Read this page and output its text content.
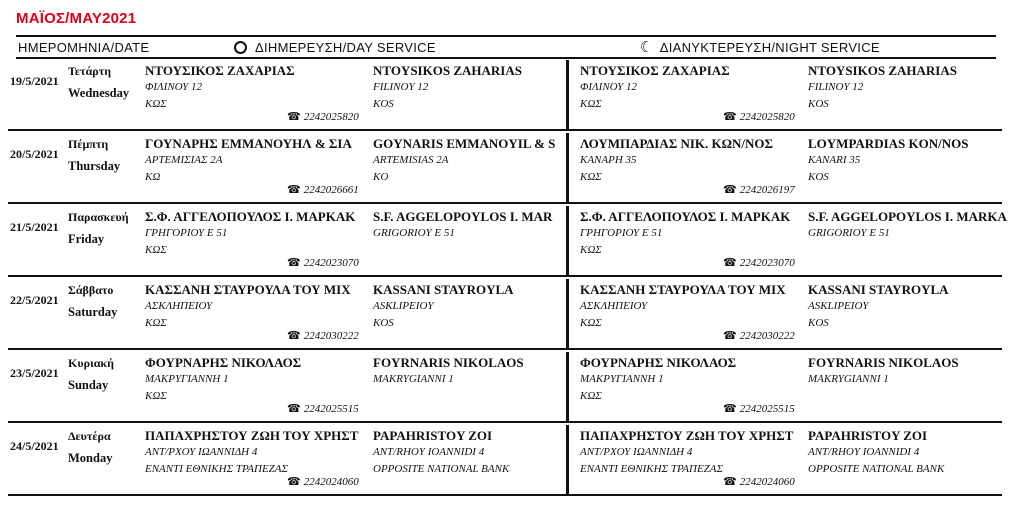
ΜΑΪΟΣ/MAY2021
ΗΜΕΡΟΜΗΝΙΑ/DATE	ΔΙΗΜΕΡΕΥΣΗ/DAY SERVICE	☾ ΔΙΑΝΥΚΤΕΡΕΥΣΗ/NIGHT SERVICE
19/5/2021
Τετάρτη
Wednesday
ΝΤΟΥΣΙΚΟΣ ΖΑΧΑΡΙΑΣ
ΦΙΛΙΝΟΥ 12
ΚΩΣ
NTOYSIKOS ZAHARIAS
FILINOY 12
KOS
☎ 2242025820
ΝΤΟΥΣΙΚΟΣ ΖΑΧΑΡΙΑΣ
ΦΙΛΙΝΟΥ 12
ΚΩΣ
NTOYSIKOS ZAHARIAS
FILINOY 12
KOS
☎ 2242025820
20/5/2021
Πέμπτη
Thursday
ΓΟΥΝΑΡΗΣ ΕΜΜΑΝΟΥΗΛ & ΣΙΑ
ΑΡΤΕΜΙΣΙΑΣ 2Α
ΚΩ
GOYNARIS EMMANOYIL & S
ARTEMISIAS 2A
KO
☎ 2242026661
ΛΟΥΜΠΑΡΔΙΑΣ ΝΙΚ. ΚΩΝ/ΝΟΣ
ΚΑΝΑΡΗ 35
ΚΩΣ
LOYMPARDIAS KON/NOS
KANARI 35
KOS
☎ 2242026197
21/5/2021
Παρασκευή
Friday
Σ.Φ. ΑΓΓΕΛΟΠΟΥΛΟΣ Ι. ΜΑΡΚΑΚ
ΓΡΗΓΟΡΙΟΥ Ε 51
ΚΩΣ
S.F. AGGELOPOYLOS I. MAR
GRIGORIOY E 51
☎ 2242023070
Σ.Φ. ΑΓΓΕΛΟΠΟΥΛΟΣ Ι. ΜΑΡΚΑΚ
ΓΡΗΓΟΡΙΟΥ Ε 51
ΚΩΣ
S.F. AGGELOPOYLOS I. MARKA
GRIGORIOY E 51
☎ 2242023070
22/5/2021
Σάββατο
Saturday
ΚΑΣΣΑΝΗ ΣΤΑΥΡΟΥΛΑ ΤΟΥ ΜΙΧ
ΑΣΚΛΗΠΕΙΟΥ
ΚΩΣ
KASSANI STAYROYLA
ASKLIPEIOY
KOS
☎ 2242030222
ΚΑΣΣΑΝΗ ΣΤΑΥΡΟΥΛΑ ΤΟΥ ΜΙΧ
ΑΣΚΛΗΠΕΙΟΥ
ΚΩΣ
KASSANI STAYROYLA
ASKLIPEIOY
KOS
☎ 2242030222
23/5/2021
Κυριακή
Sunday
ΦΟΥΡΝΑΡΗΣ ΝΙΚΟΛΑΟΣ
ΜΑΚΡΥΓΙΑΝΝΗ 1
ΚΩΣ
FOYRNARIS NIKOLAOS
MAKRYGIANNI 1
☎ 2242025515
ΦΟΥΡΝΑΡΗΣ ΝΙΚΟΛΑΟΣ
ΜΑΚΡΥΓΙΑΝΝΗ 1
ΚΩΣ
FOYRNARIS NIKOLAOS
MAKRYGIANNI 1
☎ 2242025515
24/5/2021
Δευτέρα
Monday
ΠΑΠΑΧΡΗΣΤΟΥ ΖΩΗ ΤΟΥ ΧΡΗΣΤ
ΑΝΤ/ΡΧΟΥ ΙΩΑΝΝΙΔΗ 4
ΕΝΑΝΤΙ ΕΘΝΙΚΗΣ ΤΡΑΠΕΖΑΣ
PAPAHRISTOY ZOI
ANT/RHOY IOANNIDI 4
OPPOSITE NATIONAL BANK
☎ 2242024060
ΠΑΠΑΧΡΗΣΤΟΥ ΖΩΗ ΤΟΥ ΧΡΗΣΤ
ΑΝΤ/ΡΧΟΥ ΙΩΑΝΝΙΔΗ 4
ΕΝΑΝΤΙ ΕΘΝΙΚΗΣ ΤΡΑΠΕΖΑΣ
PAPAHRISTOY ZOI
ANT/RHOY IOANNIDI 4
OPPOSITE NATIONAL BANK
☎ 2242024060
